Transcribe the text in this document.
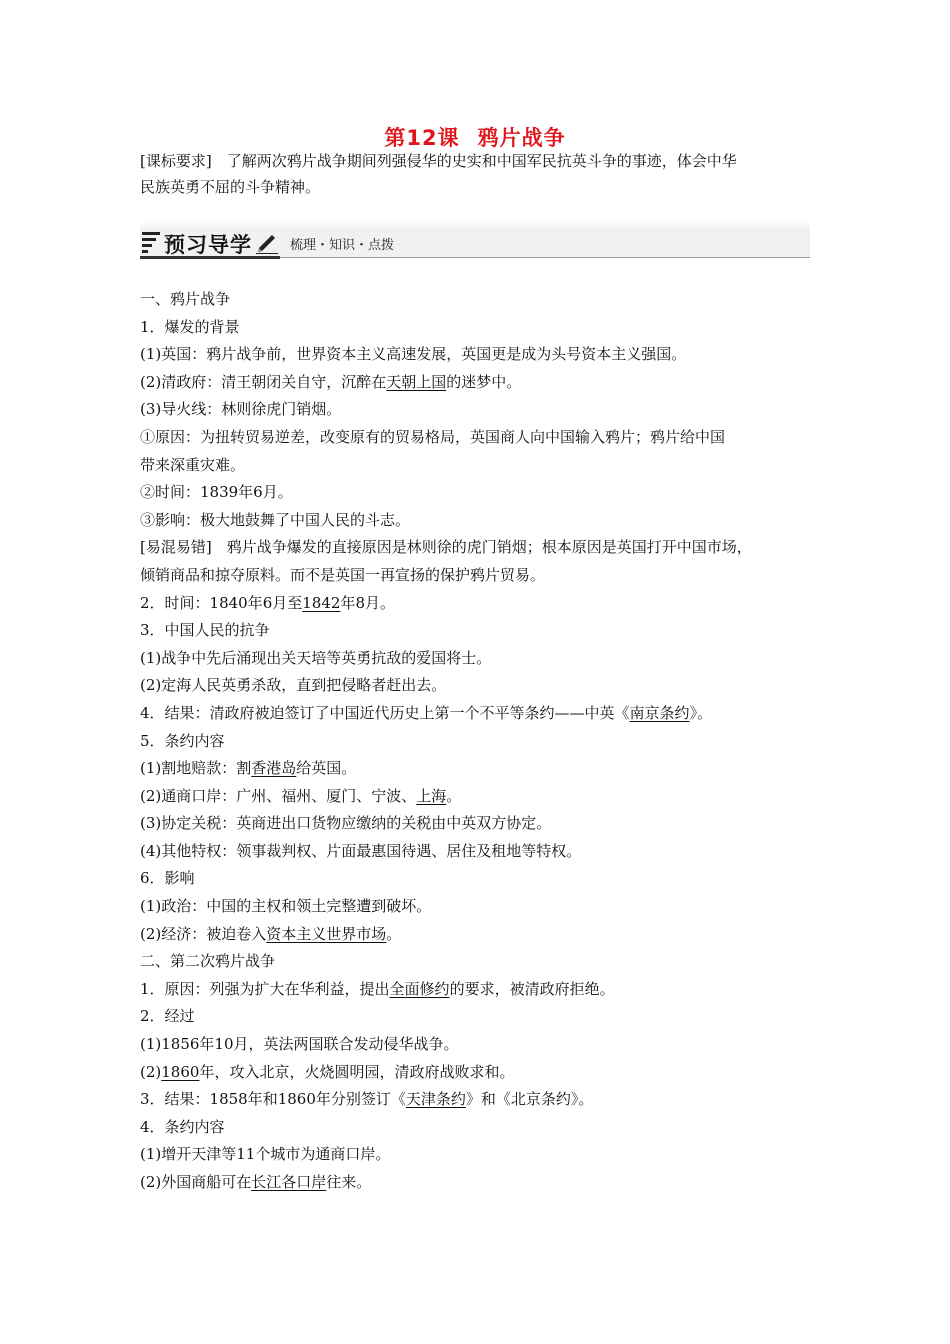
第12课 鸦片战争
[课标要求]　 了解两次鸦片战争期间列强侵华的史实和中国军民抗英斗争的事迹，体会中华
民族英勇不屈的斗争精神。
预习导学	梳理・知识・点拨
一、鸦片战争
1．爆发的背景
(1)英国：鸦片战争前，世界资本主义高速发展，英国更是成为头号资本主义强国。
(2)清政府：清王朝闭关自守，沉醉在天朝上国的迷梦中。
(3)导火线：林则徐虎门销烟。
①原因：为扭转贸易逆差，改变原有的贸易格局，英国商人向中国输入鸦片；鸦片给中国
带来深重灾难。
②时间：1839年6月。
③影响：极大地鼓舞了中国人民的斗志。
[易混易错]　鸦片战争爆发的直接原因是林则徐的虎门销烟；根本原因是英国打开中国市场，
倾销商品和掠夺原料。而不是英国一再宣扬的保护鸦片贸易。
2．时间：1840年6月至1842年8月。
3．中国人民的抗争
(1)战争中先后涌现出关天培等英勇抗敌的爱国将士。
(2)定海人民英勇杀敌，直到把侵略者赶出去。
4．结果：清政府被迫签订了中国近代历史上第一个不平等条约——中英《南京条约》。
5．条约内容
(1)割地赔款：割香港岛给英国。
(2)通商口岸：广州、福州、厦门、宁波、上海。
(3)协定关税：英商进出口货物应缴纳的关税由中英双方协定。
(4)其他特权：领事裁判权、片面最惠国待遇、居住及租地等特权。
6．影响
(1)政治：中国的主权和领土完整遭到破坏。
(2)经济：被迫卷入资本主义世界市场。
二、第二次鸦片战争
1．原因：列强为扩大在华利益，提出全面修约的要求，被清政府拒绝。
2．经过
(1)1856年10月，英法两国联合发动侵华战争。
(2)1860年，攻入北京，火烧圆明园，清政府战败求和。
3．结果：1858年和1860年分别签订《天津条约》和《北京条约》。
4．条约内容
(1)增开天津等11个城市为通商口岸。
(2)外国商船可在长江各口岸往来。
